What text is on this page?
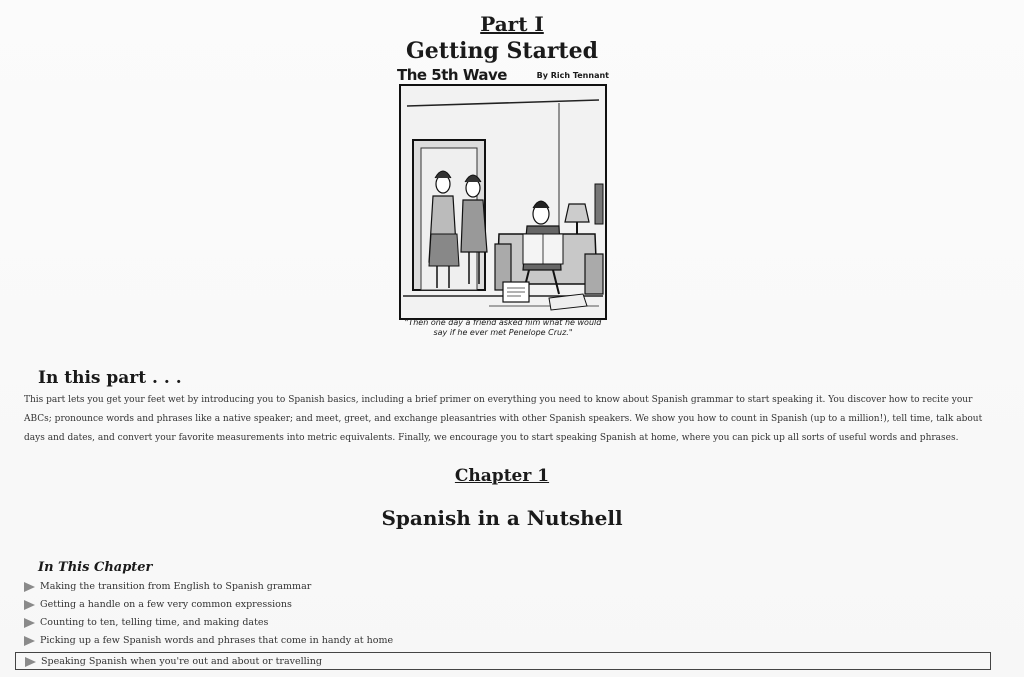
Part I
Getting Started
The 5th Wave	By Rich Tennant
"Then one day a friend asked him what he would
say if he ever met Penelope Cruz."
In this part . . .

This part lets you get your feet wet by introducing you to Spanish basics, including a brief primer on everything you need to know about Spanish grammar to start speaking it. You discover how to recite your ABCs; pronounce words and phrases like a native speaker; and meet, greet, and exchange pleasantries with other Spanish speakers. We show you how to count in Spanish (up to a million!), tell time, talk about days and dates, and convert your favorite measurements into metric equivalents. Finally, we encourage you to start speaking Spanish at home, where you can pick up all sorts of useful words and phrases.

Chapter 1
Spanish in a Nutshell
In This Chapter
Making the transition from English to Spanish grammar
Getting a handle on a few very common expressions
Counting to ten, telling time, and making dates
Picking up a few Spanish words and phrases that come in handy at home
Speaking Spanish when you're out and about or travelling
